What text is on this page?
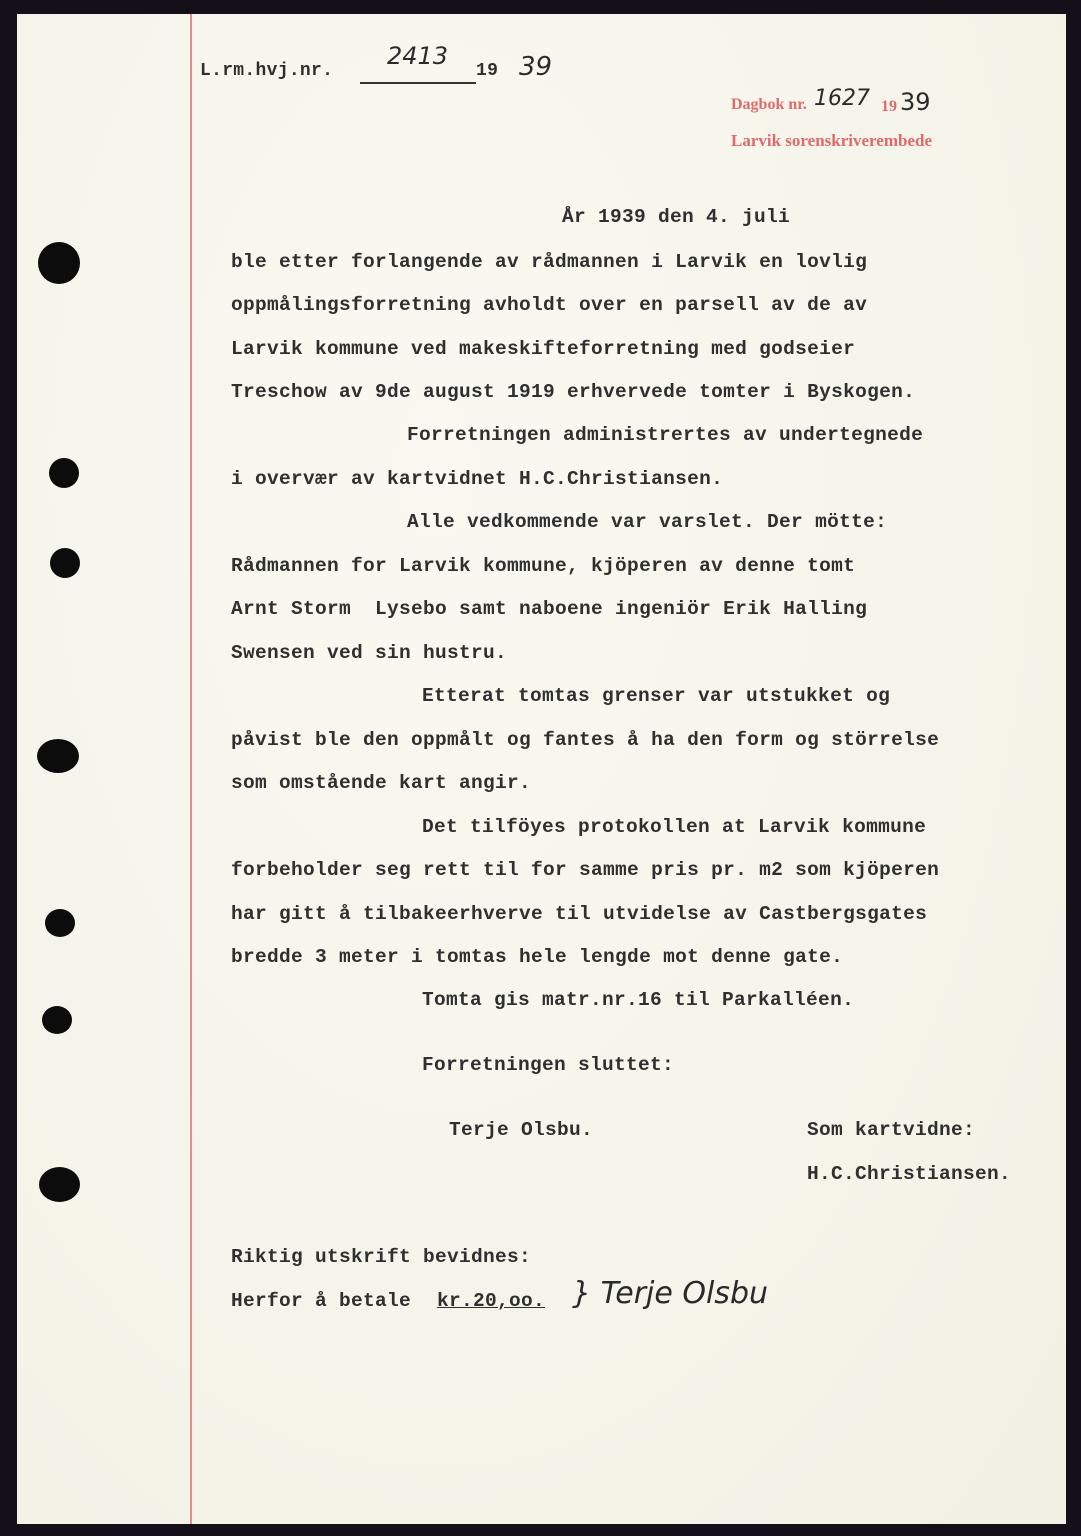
L.rm.hvj.nr.
2413
19 39
Dagbok nr. 1627 19 39
Larvik sorenskriverembede
År 1939 den 4. juli
ble etter forlangende av rådmannen i Larvik en lovlig
oppmålingsforretning avholdt over en parsell av de av
Larvik kommune ved makeskifteforretning med godseier
Treschow av 9de august 1919 erhvervede tomter i Byskogen.
Forretningen administrertes av undertegnede
i overvær av kartvidnet H.C.Christiansen.
Alle vedkommende var varslet. Der mötte:
Rådmannen for Larvik kommune, kjöperen av denne tomt
Arnt Storm  Lysebo samt naboene ingeniör Erik Halling
Swensen ved sin hustru.
Etterat tomtas grenser var utstukket og
påvist ble den oppmålt og fantes å ha den form og störrelse
som omstående kart angir.
Det tilföyes protokollen at Larvik kommune
forbeholder seg rett til for samme pris pr. m2 som kjöperen
har gitt å tilbakeerhverve til utvidelse av Castbergsgates
bredde 3 meter i tomtas hele lengde mot denne gate.
Tomta gis matr.nr.16 til Parkalléen.
Forretningen sluttet:
Terje Olsbu.	Som kartvidne:
H.C.Christiansen.
Riktig utskrift bevidnes:
Herfor å betale kr.20,oo. } Terje Olsbu
